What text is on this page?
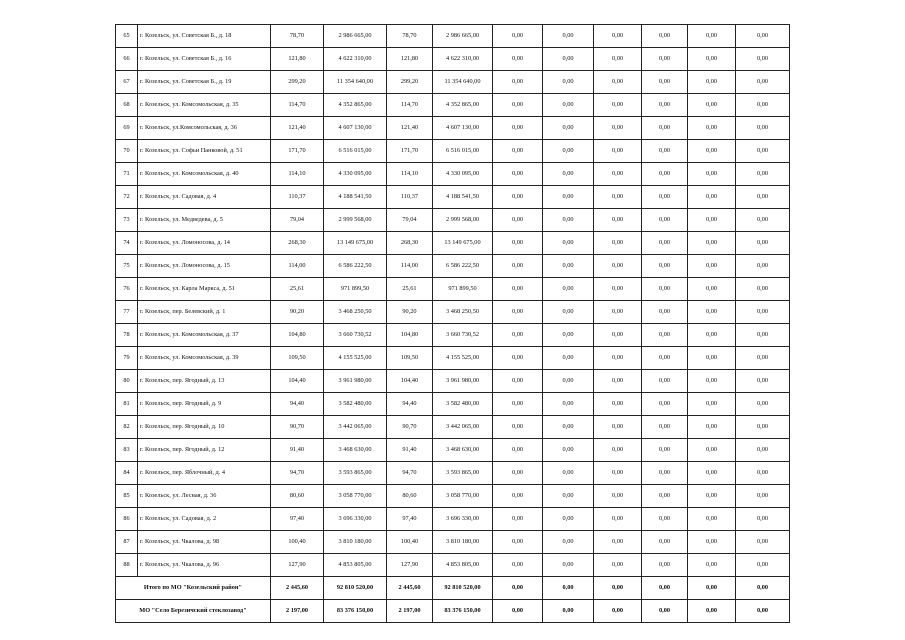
65	г. Козельск, ул. Советская Б., д. 18	78,70	2 986 665,00	78,70	2 986 665,00	0,00	0,00	0,00	0,00	0,00	0,00
66	г. Козельск, ул. Советская Б., д. 16	121,80	4 622 310,00	121,80	4 622 310,00	0,00	0,00	0,00	0,00	0,00	0,00
67	г. Козельск, ул. Советская Б., д. 19	299,20	11 354 640,00	299,20	11 354 640,00	0,00	0,00	0,00	0,00	0,00	0,00
68	г. Козельск, ул. Комсомольская, д. 35	114,70	4 352 865,00	114,70	4 352 865,00	0,00	0,00	0,00	0,00	0,00	0,00
69	г. Козельск, ул.Комсомольская, д. 36	121,40	4 607 130,00	121,40	4 607 130,00	0,00	0,00	0,00	0,00	0,00	0,00
70	г. Козельск, ул. Софьи Панковой, д. 51	171,70	6 516 015,00	171,70	6 516 015,00	0,00	0,00	0,00	0,00	0,00	0,00
71	г. Козельск, ул. Комсомольская, д. 40	114,10	4 330 095,00	114,10	4 330 095,00	0,00	0,00	0,00	0,00	0,00	0,00
72	г. Козельск, ул. Садовая, д. 4	110,37	4 188 541,50	110,37	4 188 541,50	0,00	0,00	0,00	0,00	0,00	0,00
73	г. Козельск, ул. Медведева, д. 5	79,04	2 999 568,00	79,04	2 999 568,00	0,00	0,00	0,00	0,00	0,00	0,00
74	г. Козельск, ул. Ломоносова, д. 14	268,30	13 149 675,00	268,30	13 149 675,00	0,00	0,00	0,00	0,00	0,00	0,00
75	г. Козельск, ул. Ломоносова, д. 15	114,00	6 586 222,50	114,00	6 586 222,50	0,00	0,00	0,00	0,00	0,00	0,00
76	г. Козельск, ул. Карла Маркса, д. 51	25,61	971 899,50	25,61	971 899,50	0,00	0,00	0,00	0,00	0,00	0,00
77	г. Козельск, пер. Белевский, д. 1	90,20	3 468 250,50	90,20	3 468 250,50	0,00	0,00	0,00	0,00	0,00	0,00
78	г. Козельск, ул. Комсомольская, д. 37	104,80	3 660 730,52	104,80	3 660 730,52	0,00	0,00	0,00	0,00	0,00	0,00
79	г. Козельск, ул. Комсомольская, д. 39	109,50	4 155 525,00	109,50	4 155 525,00	0,00	0,00	0,00	0,00	0,00	0,00
80	г. Козельск, пер. Ягодный, д. 13	104,40	3 961 980,00	104,40	3 961 980,00	0,00	0,00	0,00	0,00	0,00	0,00
81	г. Козельск, пер. Ягодный, д. 9	94,40	3 582 480,00	94,40	3 582 480,00	0,00	0,00	0,00	0,00	0,00	0,00
82	г. Козельск, пер. Ягодный, д. 10	90,70	3 442 065,00	90,70	3 442 065,00	0,00	0,00	0,00	0,00	0,00	0,00
83	г. Козельск, пер. Ягодный, д. 12	91,40	3 468 630,00	91,40	3 468 630,00	0,00	0,00	0,00	0,00	0,00	0,00
84	г. Козельск, пер. Яблочный, д. 4	94,70	3 593 865,00	94,70	3 593 865,00	0,00	0,00	0,00	0,00	0,00	0,00
85	г. Козельск, ул. Лесная, д. 36	80,60	3 058 770,00	80,60	3 058 770,00	0,00	0,00	0,00	0,00	0,00	0,00
86	г. Козельск, ул. Садовая, д. 2	97,40	3 696 330,00	97,40	3 696 330,00	0,00	0,00	0,00	0,00	0,00	0,00
87	г. Козельск, ул. Чкалова, д. 98	100,40	3 810 180,00	100,40	3 810 180,00	0,00	0,00	0,00	0,00	0,00	0,00
88	г. Козельск, ул. Чкалова, д. 96	127,90	4 853 805,00	127,90	4 853 805,00	0,00	0,00	0,00	0,00	0,00	0,00
Итого по МО "Козельский район"		2 445,60	92 810 520,00	2 445,60	92 810 520,00	0,00	0,00	0,00	0,00	0,00	0,00
МО "Село Березичский стеклозавод"		2 197,00	83 376 150,00	2 197,00	83 376 150,00	0,00	0,00	0,00	0,00	0,00	0,00
